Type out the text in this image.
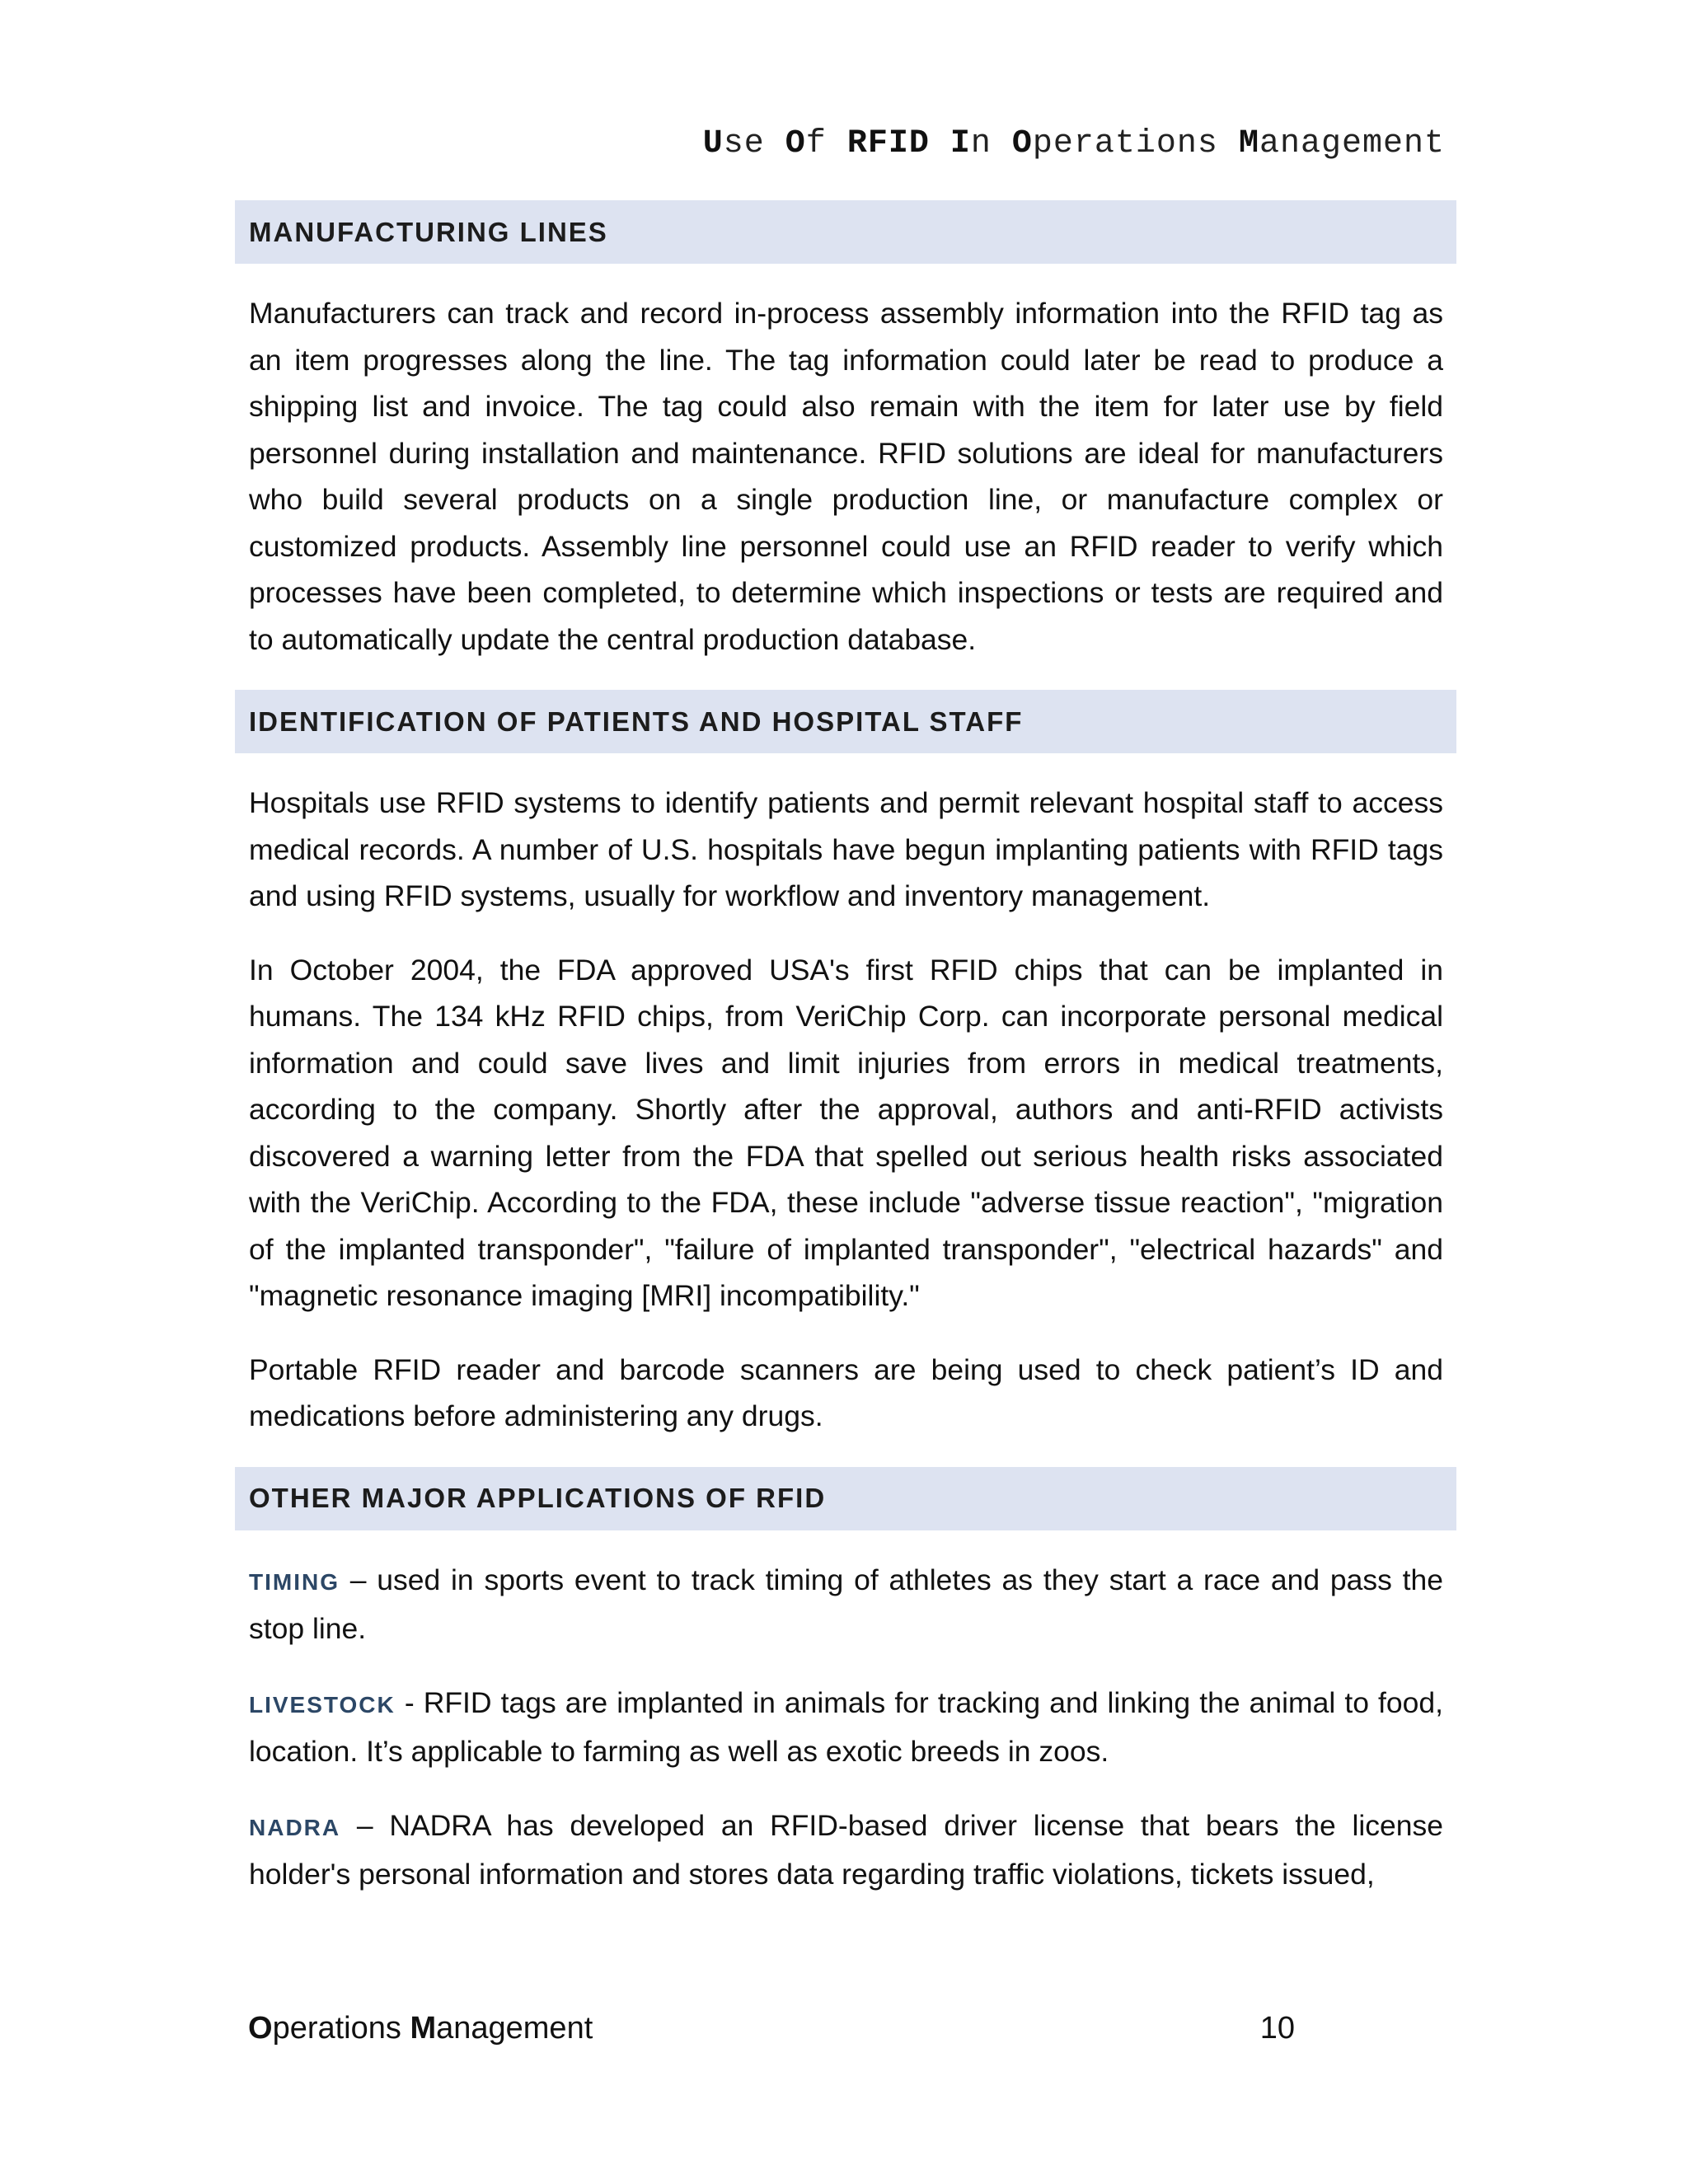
Use Of RFID In Operations Management
MANUFACTURING LINES

Manufacturers can track and record in-process assembly information into the RFID tag as an item progresses along the line. The tag information could later be read to produce a shipping list and invoice. The tag could also remain with the item for later use by field personnel during installation and maintenance. RFID solutions are ideal for manufacturers who build several products on a single production line, or manufacture complex or customized products. Assembly line personnel could use an RFID reader to verify which processes have been completed, to determine which inspections or tests are required and to automatically update the central production database.

IDENTIFICATION OF PATIENTS AND HOSPITAL STAFF

Hospitals use RFID systems to identify patients and permit relevant hospital staff to access medical records. A number of U.S. hospitals have begun implanting patients with RFID tags and using RFID systems, usually for workflow and inventory management.

In October 2004, the FDA approved USA's first RFID chips that can be implanted in humans. The 134 kHz RFID chips, from VeriChip Corp. can incorporate personal medical information and could save lives and limit injuries from errors in medical treatments, according to the company. Shortly after the approval, authors and anti-RFID activists discovered a warning letter from the FDA that spelled out serious health risks associated with the VeriChip. According to the FDA, these include "adverse tissue reaction", "migration of the implanted transponder", "failure of implanted transponder", "electrical hazards" and "magnetic resonance imaging [MRI] incompatibility."

Portable RFID reader and barcode scanners are being used to check patient’s ID and medications before administering any drugs.

OTHER MAJOR APPLICATIONS OF RFID

TIMING – used in sports event to track timing of athletes as they start a race and pass the stop line.

LIVESTOCK - RFID tags are implanted in animals for tracking and linking the animal to food, location. It’s applicable to farming as well as exotic breeds in zoos.

NADRA – NADRA has developed an RFID-based driver license that bears the license holder's personal information and stores data regarding traffic violations, tickets issued,

Operations Management	10
